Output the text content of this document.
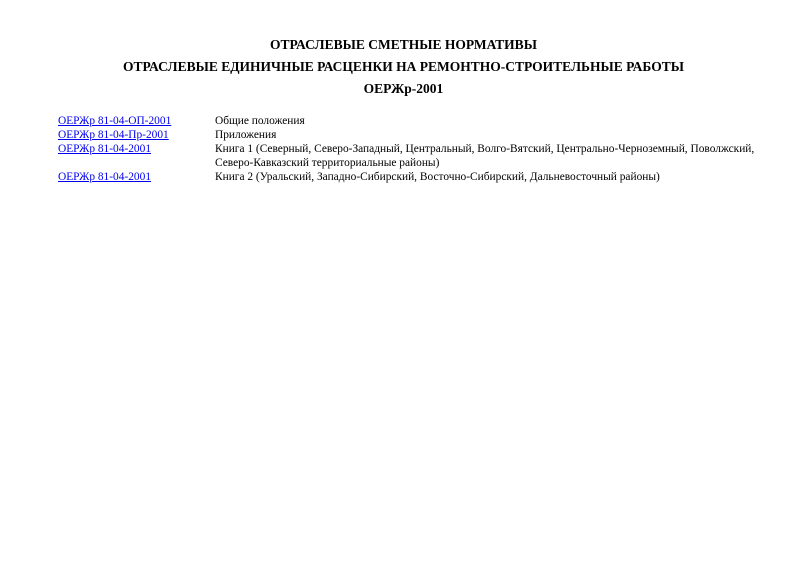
ОТРАСЛЕВЫЕ СМЕТНЫЕ НОРМАТИВЫ
ОТРАСЛЕВЫЕ ЕДИНИЧНЫЕ РАСЦЕНКИ НА РЕМОНТНО-СТРОИТЕЛЬНЫЕ РАБОТЫ
ОЕРЖр-2001
ОЕРЖр 81-04-ОП-2001	Общие положения
ОЕРЖр 81-04-Пр-2001	Приложения
ОЕРЖр 81-04-2001	Книга 1 (Северный, Северо-Западный, Центральный, Волго-Вятский, Центрально-Черноземный, Поволжский, Северо-Кавказский территориальные районы)
ОЕРЖр 81-04-2001	Книга 2 (Уральский, Западно-Сибирский, Восточно-Сибирский, Дальневосточный районы)
